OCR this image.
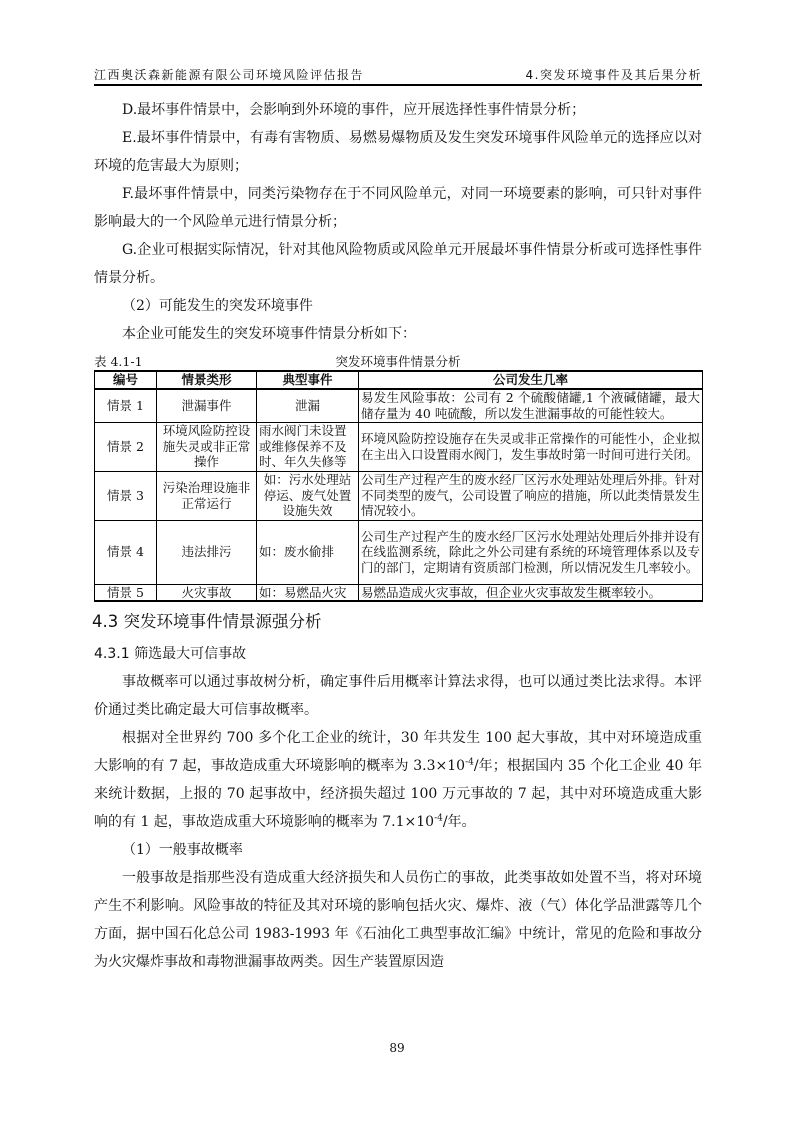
江西奥沃森新能源有限公司环境风险评估报告	4.突发环境事件及其后果分析

D.最坏事件情景中，会影响到外环境的事件，应开展选择性事件情景分析；

E.最坏事件情景中，有毒有害物质、易燃易爆物质及发生突发环境事件风险单元的选择应以对环境的危害最大为原则；

F.最坏事件情景中，同类污染物存在于不同风险单元，对同一环境要素的影响，可只针对事件影响最大的一个风险单元进行情景分析；

G.企业可根据实际情况，针对其他风险物质或风险单元开展最坏事件情景分析或可选择性事件情景分析。

（2）可能发生的突发环境事件

本企业可能发生的突发环境事件情景分析如下：

突发环境事件情景分析
表 4.1-1
编号	情景类形	典型事件	公司发生几率
情景 1	泄漏事件	泄漏	易发生风险事故：公司有 2 个硫酸储罐,1 个液碱储罐，最大储存量为 40 吨硫酸，所以发生泄漏事故的可能性较大。
情景 2	环境风险防控设施失灵或非正常操作	雨水阀门未设置或维修保养不及时、年久失修等	环境风险防控设施存在失灵或非正常操作的可能性小，企业拟在主出入口设置雨水阀门，发生事故时第一时间可进行关闭。
情景 3	污染治理设施非正常运行	如：污水处理站停运、废气处置设施失效	公司生产过程产生的废水经厂区污水处理站处理后外排。针对不同类型的废气，公司设置了响应的措施，所以此类情景发生情况较小。
情景 4	违法排污	如：废水偷排	公司生产过程产生的废水经厂区污水处理站处理后外排并设有在线监测系统，除此之外公司建有系统的环境管理体系以及专门的部门，定期请有资质部门检测，所以情况发生几率较小。
情景 5	火灾事故	如：易燃品火灾	易燃品造成火灾事故，但企业火灾事故发生概率较小。
4.3 突发环境事件情景源强分析
4.3.1 筛选最大可信事故

事故概率可以通过事故树分析，确定事件后用概率计算法求得，也可以通过类比法求得。本评价通过类比确定最大可信事故概率。

根据对全世界约 700 多个化工企业的统计，30 年共发生 100 起大事故，其中对环境造成重大影响的有 7 起，事故造成重大环境影响的概率为 $3.3\times 10^{-4}/$年；根据国内 35 个化工企业 40 年来统计数据，上报的 70 起事故中，经济损失超过 100 万元事故的 7 起，其中对环境造成重大影响的有 1 起，事故造成重大环境影响的概率为 $7.1\times 10^{-4}/$年。

（1）一般事故概率

一般事故是指那些没有造成重大经济损失和人员伤亡的事故，此类事故如处置不当，将对环境产生不利影响。风险事故的特征及其对环境的影响包括火灾、爆炸、液（气）体化学品泄露等几个方面，据中国石化总公司 1983-1993 年《石油化工典型事故汇编》中统计，常见的危险和事故分为火灾爆炸事故和毒物泄漏事故两类。因生产装置原因造

89
